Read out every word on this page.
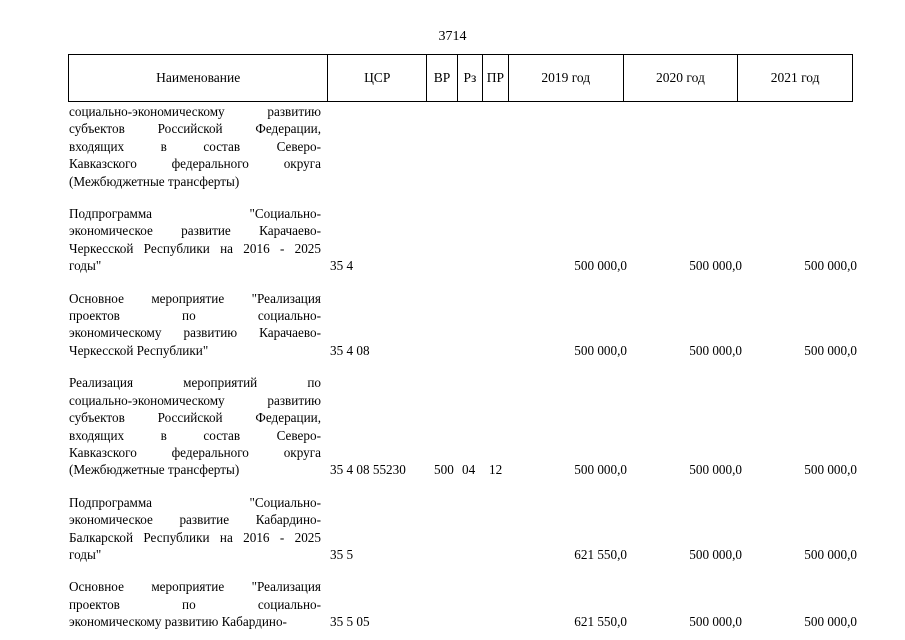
3714
Наименование	ЦСР	ВР Рз ПР	2019 год	2020 год	2021 год
социально-экономическому развитию
субъектов Российской Федерации,
входящих в состав Северо-
Кавказского федерального округа
(Межбюджетные трансферты)
Подпрограмма "Социально-
экономическое развитие Карачаево-
Черкесской Республики на 2016 - 2025
годы"	35 4	500 000,0	500 000,0	500 000,0
Основное мероприятие "Реализация
проектов по социально-
экономическому развитию Карачаево-
Черкесской Республики"	35 4 08	500 000,0	500 000,0	500 000,0
Реализация мероприятий по
социально-экономическому развитию
субъектов Российской Федерации,
входящих в состав Северо-
Кавказского федерального округа
(Межбюджетные трансферты)	35 4 08 55230 500 04 12	500 000,0	500 000,0	500 000,0
Подпрограмма "Социально-
экономическое развитие Кабардино-
Балкарской Республики на 2016 - 2025
годы"	35 5	621 550,0	500 000,0	500 000,0
Основное мероприятие "Реализация
проектов по социально-
экономическому развитию Кабардино-	35 5 05	621 550,0	500 000,0	500 000,0
